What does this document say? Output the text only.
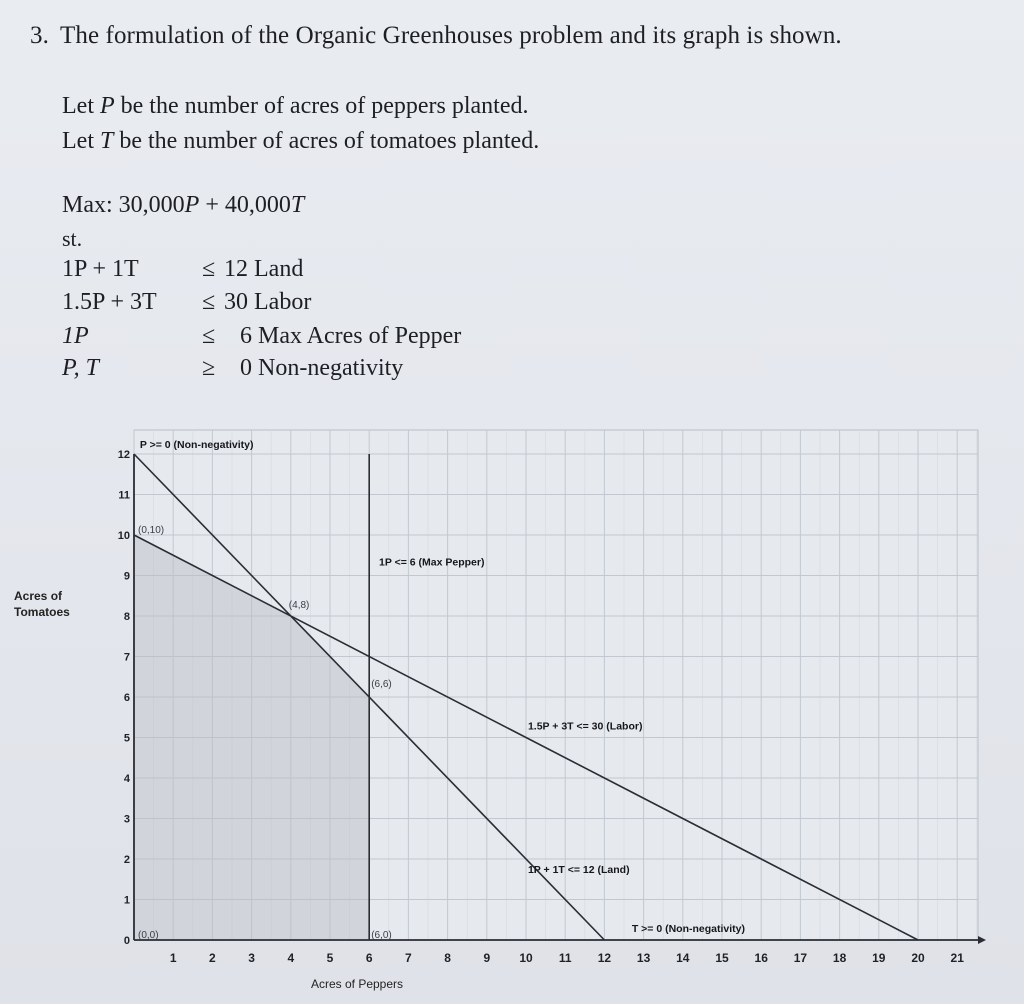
3. The formulation of the Organic Greenhouses problem and its graph is shown.
Let P be the number of acres of peppers planted.
Let T be the number of acres of tomatoes planted.
Max: 30,000P + 40,000T
st.
1P + 1T	≤ 12 Land
1.5P + 3T ≤ 30 Labor
1P	≤ 6 Max Acres of Pepper
P, T	≥ 0 Non-negativity
1	2	3	4	5	6	7	8	9 10 11 12 13 14 15 16 17 18 19 20 21
0
1
2
3
4
5
6
7
8
9
10
11
12
(0,10)
(4,8)
(6,6)
(0,0)	(6,0)
P >= 0 (Non-negativity)
1P <= 6 (Max Pepper)
1.5P + 3T <= 30 (Labor)
1P + 1T <= 12 (Land)
T >= 0 (Non-negativity)
Acres of Peppers
Acres of Tomatoes
